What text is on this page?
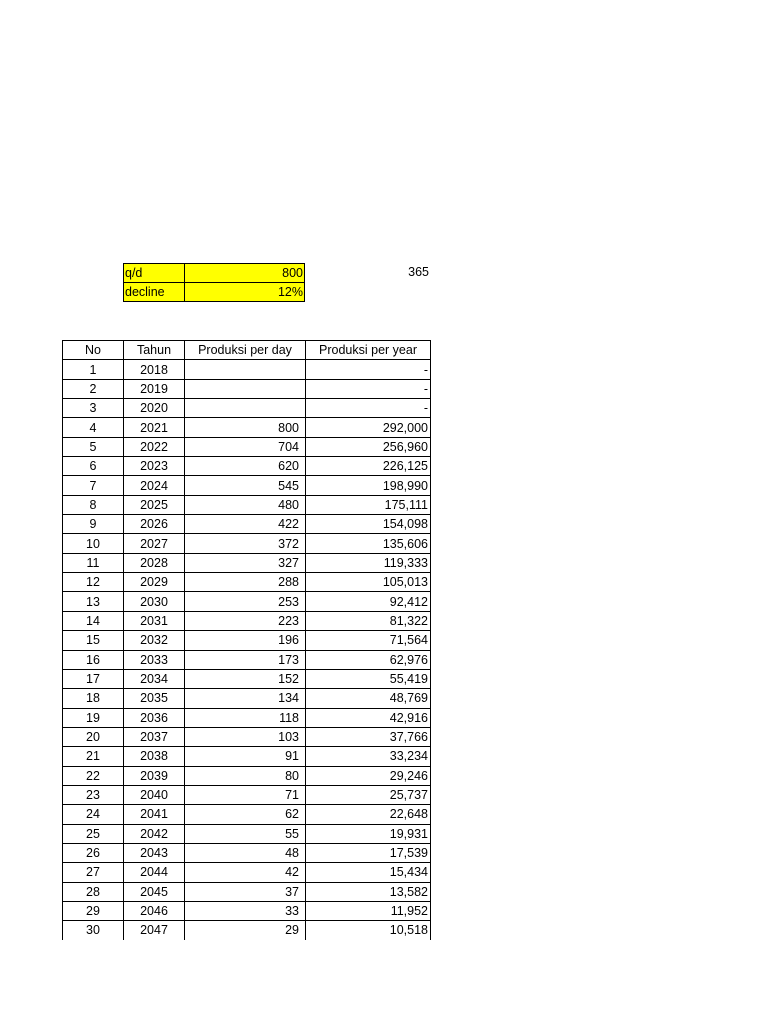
q/d	800
decline	12%
365
No	Tahun	Produksi per day	Produksi per year
1	2018		-
2	2019		-
3	2020		-
4	2021	800	292,000
5	2022	704	256,960
6	2023	620	226,125
7	2024	545	198,990
8	2025	480	175,111
9	2026	422	154,098
10	2027	372	135,606
11	2028	327	119,333
12	2029	288	105,013
13	2030	253	92,412
14	2031	223	81,322
15	2032	196	71,564
16	2033	173	62,976
17	2034	152	55,419
18	2035	134	48,769
19	2036	118	42,916
20	2037	103	37,766
21	2038	91	33,234
22	2039	80	29,246
23	2040	71	25,737
24	2041	62	22,648
25	2042	55	19,931
26	2043	48	17,539
27	2044	42	15,434
28	2045	37	13,582
29	2046	33	11,952
30	2047	29	10,518
